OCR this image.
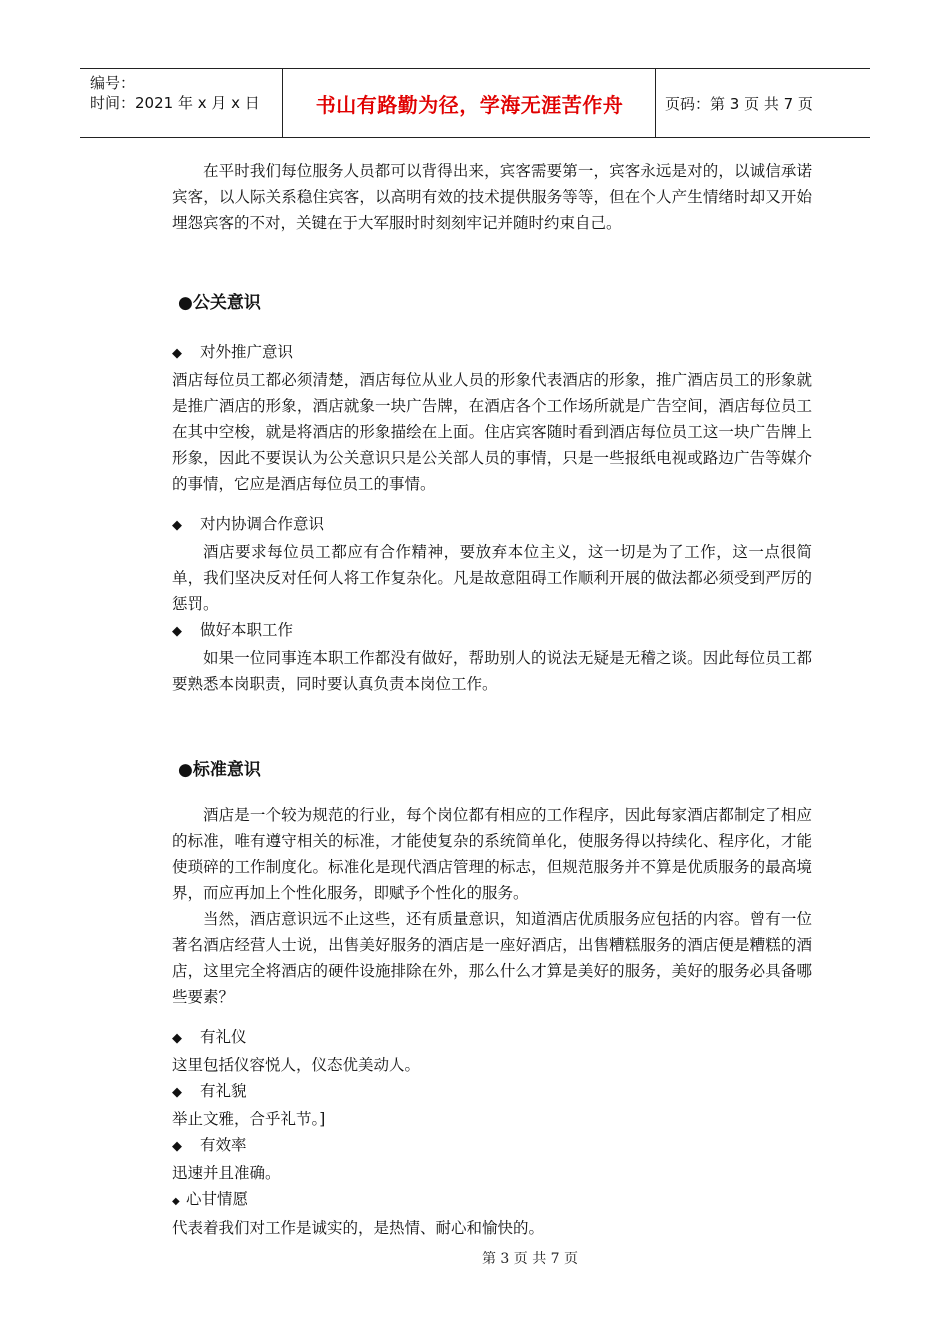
编号：
时间：2021 年 x 月 x 日	书山有路勤为径，学海无涯苦作舟	页码：第 3 页 共 7 页

在平时我们每位服务人员都可以背得出来，宾客需要第一，宾客永远是对的，以诚信承诺宾客，以人际关系稳住宾客，以高明有效的技术提供服务等等，但在个人产生情绪时却又开始埋怨宾客的不对，关键在于大军服时时刻刻牢记并随时约束自己。

●公关意识

◆ 对外推广意识

酒店每位员工都必须清楚，酒店每位从业人员的形象代表酒店的形象，推广酒店员工的形象就是推广酒店的形象，酒店就象一块广告牌，在酒店各个工作场所就是广告空间，酒店每位员工在其中空梭，就是将酒店的形象描绘在上面。住店宾客随时看到酒店每位员工这一块广告牌上形象，因此不要误认为公关意识只是公关部人员的事情，只是一些报纸电视或路边广告等媒介的事情，它应是酒店每位员工的事情。

◆ 对内协调合作意识

酒店要求每位员工都应有合作精神，要放弃本位主义，这一切是为了工作，这一点很简单，我们坚决反对任何人将工作复杂化。凡是故意阻碍工作顺利开展的做法都必须受到严厉的惩罚。

◆ 做好本职工作

如果一位同事连本职工作都没有做好，帮助别人的说法无疑是无稽之谈。因此每位员工都要熟悉本岗职责，同时要认真负责本岗位工作。

●标准意识

酒店是一个较为规范的行业，每个岗位都有相应的工作程序，因此每家酒店都制定了相应的标准，唯有遵守相关的标准，才能使复杂的系统简单化，使服务得以持续化、程序化，才能使琐碎的工作制度化。标准化是现代酒店管理的标志，但规范服务并不算是优质服务的最高境界，而应再加上个性化服务，即赋予个性化的服务。

当然，酒店意识远不止这些，还有质量意识，知道酒店优质服务应包括的内容。曾有一位著名酒店经营人士说，出售美好服务的酒店是一座好酒店，出售糟糕服务的酒店便是糟糕的酒店，这里完全将酒店的硬件设施排除在外，那么什么才算是美好的服务，美好的服务必具备哪些要素？

◆ 有礼仪

这里包括仪容悦人，仪态优美动人。

◆ 有礼貌

举止文雅，合乎礼节。]

◆ 有效率

迅速并且准确。

◆ 心甘情愿

代表着我们对工作是诚实的，是热情、耐心和愉快的。

第 3 页 共 7 页
